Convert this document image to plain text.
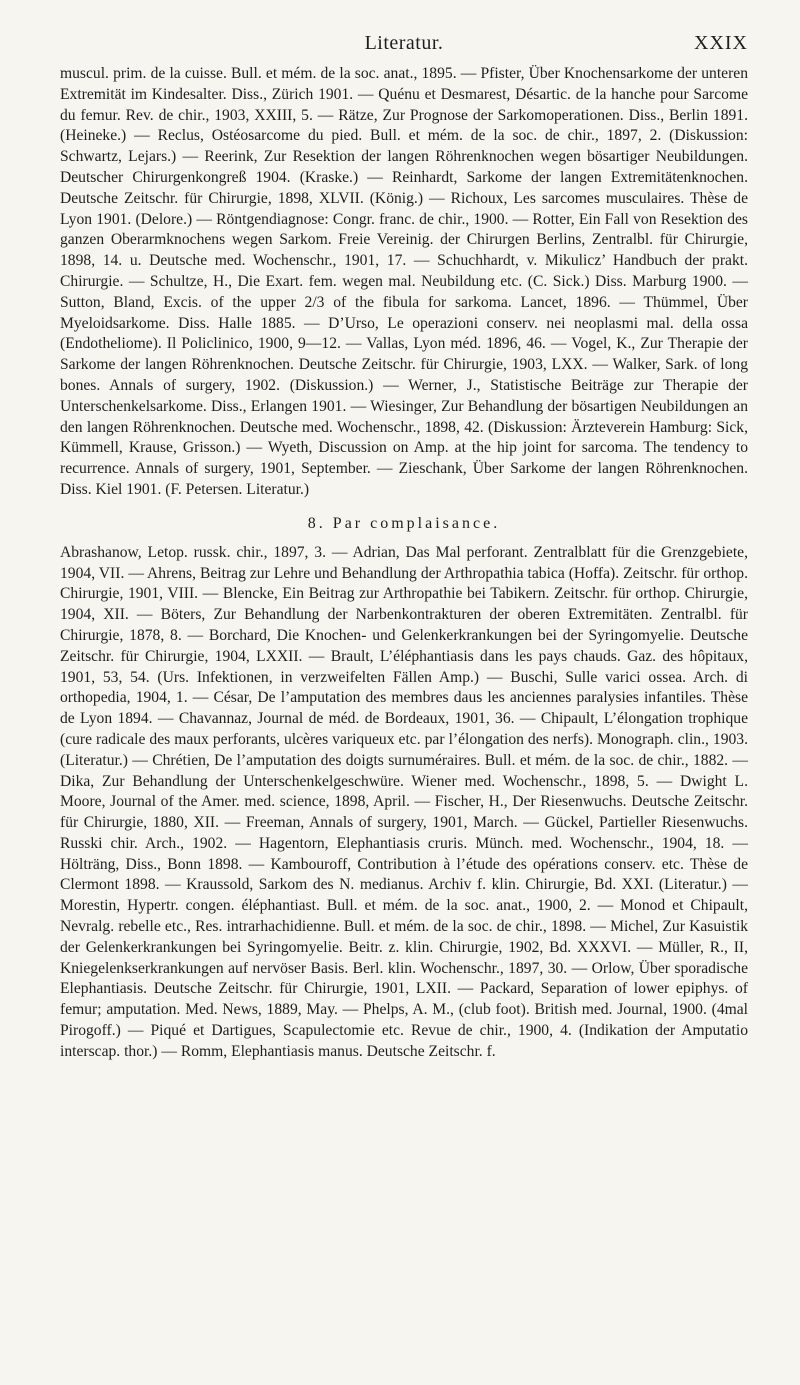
Literatur.	XXIX

muscul. prim. de la cuisse. Bull. et mém. de la soc. anat., 1895. — Pfister, Über Knochensarkome der unteren Extremität im Kindesalter. Diss., Zürich 1901. — Quénu et Desmarest, Désartic. de la hanche pour Sarcome du femur. Rev. de chir., 1903, XXIII, 5. — Rätze, Zur Prognose der Sarkomoperationen. Diss., Berlin 1891. (Heineke.) — Reclus, Ostéosarcome du pied. Bull. et mém. de la soc. de chir., 1897, 2. (Diskussion: Schwartz, Lejars.) — Reerink, Zur Resektion der langen Röhrenknochen wegen bösartiger Neubildungen. Deutscher Chirurgenkongreß 1904. (Kraske.) — Reinhardt, Sarkome der langen Extremitätenknochen. Deutsche Zeitschr. für Chirurgie, 1898, XLVII. (König.) — Richoux, Les sarcomes musculaires. Thèse de Lyon 1901. (Delore.) — Röntgendiagnose: Congr. franc. de chir., 1900. — Rotter, Ein Fall von Resektion des ganzen Oberarmknochens wegen Sarkom. Freie Vereinig. der Chirurgen Berlins, Zentralbl. für Chirurgie, 1898, 14. u. Deutsche med. Wochenschr., 1901, 17. — Schuchhardt, v. Mikulicz’ Handbuch der prakt. Chirurgie. — Schultze, H., Die Exart. fem. wegen mal. Neubildung etc. (C. Sick.) Diss. Marburg 1900. — Sutton, Bland, Excis. of the upper 2/3 of the fibula for sarkoma. Lancet, 1896. — Thümmel, Über Myeloidsarkome. Diss. Halle 1885. — D’Urso, Le operazioni conserv. nei neoplasmi mal. della ossa (Endotheliome). Il Policlinico, 1900, 9—12. — Vallas, Lyon méd. 1896, 46. — Vogel, K., Zur Therapie der Sarkome der langen Röhrenknochen. Deutsche Zeitschr. für Chirurgie, 1903, LXX. — Walker, Sark. of long bones. Annals of surgery, 1902. (Diskussion.) — Werner, J., Statistische Beiträge zur Therapie der Unterschenkelsarkome. Diss., Erlangen 1901. — Wiesinger, Zur Behandlung der bösartigen Neubildungen an den langen Röhrenknochen. Deutsche med. Wochenschr., 1898, 42. (Diskussion: Ärzteverein Hamburg: Sick, Kümmell, Krause, Grisson.) — Wyeth, Discussion on Amp. at the hip joint for sarcoma. The tendency to recurrence. Annals of surgery, 1901, September. — Zieschank, Über Sarkome der langen Röhrenknochen. Diss. Kiel 1901. (F. Petersen. Literatur.)

8. Par complaisance.

Abrashanow, Letop. russk. chir., 1897, 3. — Adrian, Das Mal perforant. Zentralblatt für die Grenzgebiete, 1904, VII. — Ahrens, Beitrag zur Lehre und Behandlung der Arthropathia tabica (Hoffa). Zeitschr. für orthop. Chirurgie, 1901, VIII. — Blencke, Ein Beitrag zur Arthropathie bei Tabikern. Zeitschr. für orthop. Chirurgie, 1904, XII. — Böters, Zur Behandlung der Narbenkontrakturen der oberen Extremitäten. Zentralbl. für Chirurgie, 1878, 8. — Borchard, Die Knochen- und Gelenkerkrankungen bei der Syringomyelie. Deutsche Zeitschr. für Chirurgie, 1904, LXXII. — Brault, L’éléphantiasis dans les pays chauds. Gaz. des hôpitaux, 1901, 53, 54. (Urs. Infektionen, in verzweifelten Fällen Amp.) — Buschi, Sulle varici ossea. Arch. di orthopedia, 1904, 1. — César, De l’amputation des membres daus les anciennes paralysies infantiles. Thèse de Lyon 1894. — Chavannaz, Journal de méd. de Bordeaux, 1901, 36. — Chipault, L’élongation trophique (cure radicale des maux perforants, ulcères variqueux etc. par l’élongation des nerfs). Monograph. clin., 1903. (Literatur.) — Chrétien, De l’amputation des doigts surnuméraires. Bull. et mém. de la soc. de chir., 1882. — Dika, Zur Behandlung der Unterschenkelgeschwüre. Wiener med. Wochenschr., 1898, 5. — Dwight L. Moore, Journal of the Amer. med. science, 1898, April. — Fischer, H., Der Riesenwuchs. Deutsche Zeitschr. für Chirurgie, 1880, XII. — Freeman, Annals of surgery, 1901, March. — Gückel, Partieller Riesenwuchs. Russki chir. Arch., 1902. — Hagentorn, Elephantiasis cruris. Münch. med. Wochenschr., 1904, 18. — Hölträng, Diss., Bonn 1898. — Kambouroff, Contribution à l’étude des opérations conserv. etc. Thèse de Clermont 1898. — Kraussold, Sarkom des N. medianus. Archiv f. klin. Chirurgie, Bd. XXI. (Literatur.) — Morestin, Hypertr. congen. éléphantiast. Bull. et mém. de la soc. anat., 1900, 2. — Monod et Chipault, Nevralg. rebelle etc., Res. intrarhachidienne. Bull. et mém. de la soc. de chir., 1898. — Michel, Zur Kasuistik der Gelenkerkrankungen bei Syringomyelie. Beitr. z. klin. Chirurgie, 1902, Bd. XXXVI. — Müller, R., II, Kniegelenkserkrankungen auf nervöser Basis. Berl. klin. Wochenschr., 1897, 30. — Orlow, Über sporadische Elephantiasis. Deutsche Zeitschr. für Chirurgie, 1901, LXII. — Packard, Separation of lower epiphys. of femur; amputation. Med. News, 1889, May. — Phelps, A. M., (club foot). British med. Journal, 1900. (4mal Pirogoff.) — Piqué et Dartigues, Scapulectomie etc. Revue de chir., 1900, 4. (Indikation der Amputatio interscap. thor.) — Romm, Elephantiasis manus. Deutsche Zeitschr. f.
